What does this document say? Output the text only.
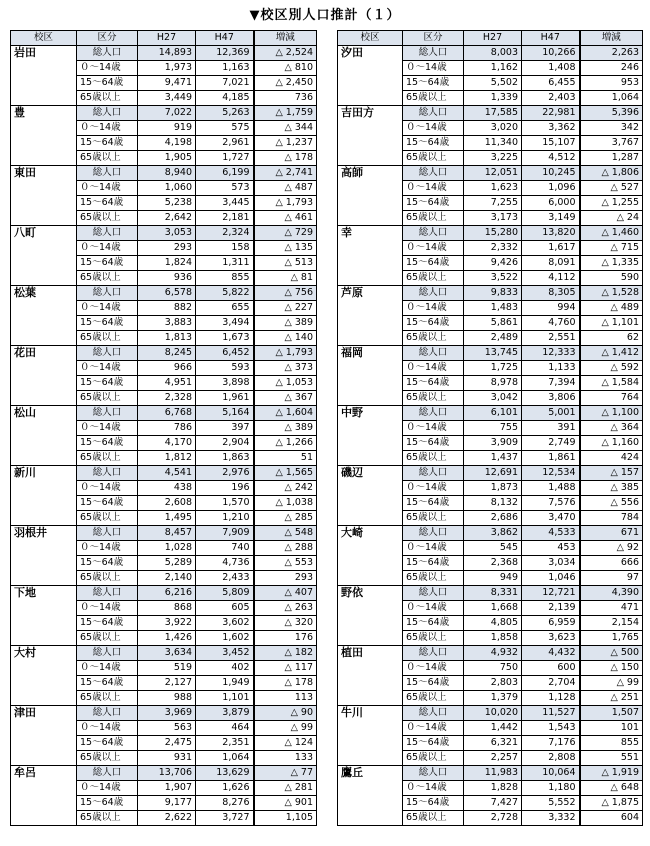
▼校区別人口推計（１）
校区	区分	H27	H47	増減
岩田	総人口	14,893	12,369	△ 2,524
	０～14歳	1,973	1,163	△ 810
	15～64歳	9,471	7,021	△ 2,450
	65歳以上	3,449	4,185	736
豊	総人口	7,022	5,263	△ 1,759
	０～14歳	919	575	△ 344
	15～64歳	4,198	2,961	△ 1,237
	65歳以上	1,905	1,727	△ 178
東田	総人口	8,940	6,199	△ 2,741
	０～14歳	1,060	573	△ 487
	15～64歳	5,238	3,445	△ 1,793
	65歳以上	2,642	2,181	△ 461
八町	総人口	3,053	2,324	△ 729
	０～14歳	293	158	△ 135
	15～64歳	1,824	1,311	△ 513
	65歳以上	936	855	△ 81
松葉	総人口	6,578	5,822	△ 756
	０～14歳	882	655	△ 227
	15～64歳	3,883	3,494	△ 389
	65歳以上	1,813	1,673	△ 140
花田	総人口	8,245	6,452	△ 1,793
	０～14歳	966	593	△ 373
	15～64歳	4,951	3,898	△ 1,053
	65歳以上	2,328	1,961	△ 367
松山	総人口	6,768	5,164	△ 1,604
	０～14歳	786	397	△ 389
	15～64歳	4,170	2,904	△ 1,266
	65歳以上	1,812	1,863	51
新川	総人口	4,541	2,976	△ 1,565
	０～14歳	438	196	△ 242
	15～64歳	2,608	1,570	△ 1,038
	65歳以上	1,495	1,210	△ 285
羽根井	総人口	8,457	7,909	△ 548
	０～14歳	1,028	740	△ 288
	15～64歳	5,289	4,736	△ 553
	65歳以上	2,140	2,433	293
下地	総人口	6,216	5,809	△ 407
	０～14歳	868	605	△ 263
	15～64歳	3,922	3,602	△ 320
	65歳以上	1,426	1,602	176
大村	総人口	3,634	3,452	△ 182
	０～14歳	519	402	△ 117
	15～64歳	2,127	1,949	△ 178
	65歳以上	988	1,101	113
津田	総人口	3,969	3,879	△ 90
	０～14歳	563	464	△ 99
	15～64歳	2,475	2,351	△ 124
	65歳以上	931	1,064	133
牟呂	総人口	13,706	13,629	△ 77
	０～14歳	1,907	1,626	△ 281
	15～64歳	9,177	8,276	△ 901
	65歳以上	2,622	3,727	1,105
校区	区分	H27	H47	増減
汐田	総人口	8,003	10,266	2,263
	０～14歳	1,162	1,408	246
	15～64歳	5,502	6,455	953
	65歳以上	1,339	2,403	1,064
吉田方	総人口	17,585	22,981	5,396
	０～14歳	3,020	3,362	342
	15～64歳	11,340	15,107	3,767
	65歳以上	3,225	4,512	1,287
高師	総人口	12,051	10,245	△ 1,806
	０～14歳	1,623	1,096	△ 527
	15～64歳	7,255	6,000	△ 1,255
	65歳以上	3,173	3,149	△ 24
幸	総人口	15,280	13,820	△ 1,460
	０～14歳	2,332	1,617	△ 715
	15～64歳	9,426	8,091	△ 1,335
	65歳以上	3,522	4,112	590
芦原	総人口	9,833	8,305	△ 1,528
	０～14歳	1,483	994	△ 489
	15～64歳	5,861	4,760	△ 1,101
	65歳以上	2,489	2,551	62
福岡	総人口	13,745	12,333	△ 1,412
	０～14歳	1,725	1,133	△ 592
	15～64歳	8,978	7,394	△ 1,584
	65歳以上	3,042	3,806	764
中野	総人口	6,101	5,001	△ 1,100
	０～14歳	755	391	△ 364
	15～64歳	3,909	2,749	△ 1,160
	65歳以上	1,437	1,861	424
磯辺	総人口	12,691	12,534	△ 157
	０～14歳	1,873	1,488	△ 385
	15～64歳	8,132	7,576	△ 556
	65歳以上	2,686	3,470	784
大崎	総人口	3,862	4,533	671
	０～14歳	545	453	△ 92
	15～64歳	2,368	3,034	666
	65歳以上	949	1,046	97
野依	総人口	8,331	12,721	4,390
	０～14歳	1,668	2,139	471
	15～64歳	4,805	6,959	2,154
	65歳以上	1,858	3,623	1,765
植田	総人口	4,932	4,432	△ 500
	０～14歳	750	600	△ 150
	15～64歳	2,803	2,704	△ 99
	65歳以上	1,379	1,128	△ 251
牛川	総人口	10,020	11,527	1,507
	０～14歳	1,442	1,543	101
	15～64歳	6,321	7,176	855
	65歳以上	2,257	2,808	551
鷹丘	総人口	11,983	10,064	△ 1,919
	０～14歳	1,828	1,180	△ 648
	15～64歳	7,427	5,552	△ 1,875
	65歳以上	2,728	3,332	604
